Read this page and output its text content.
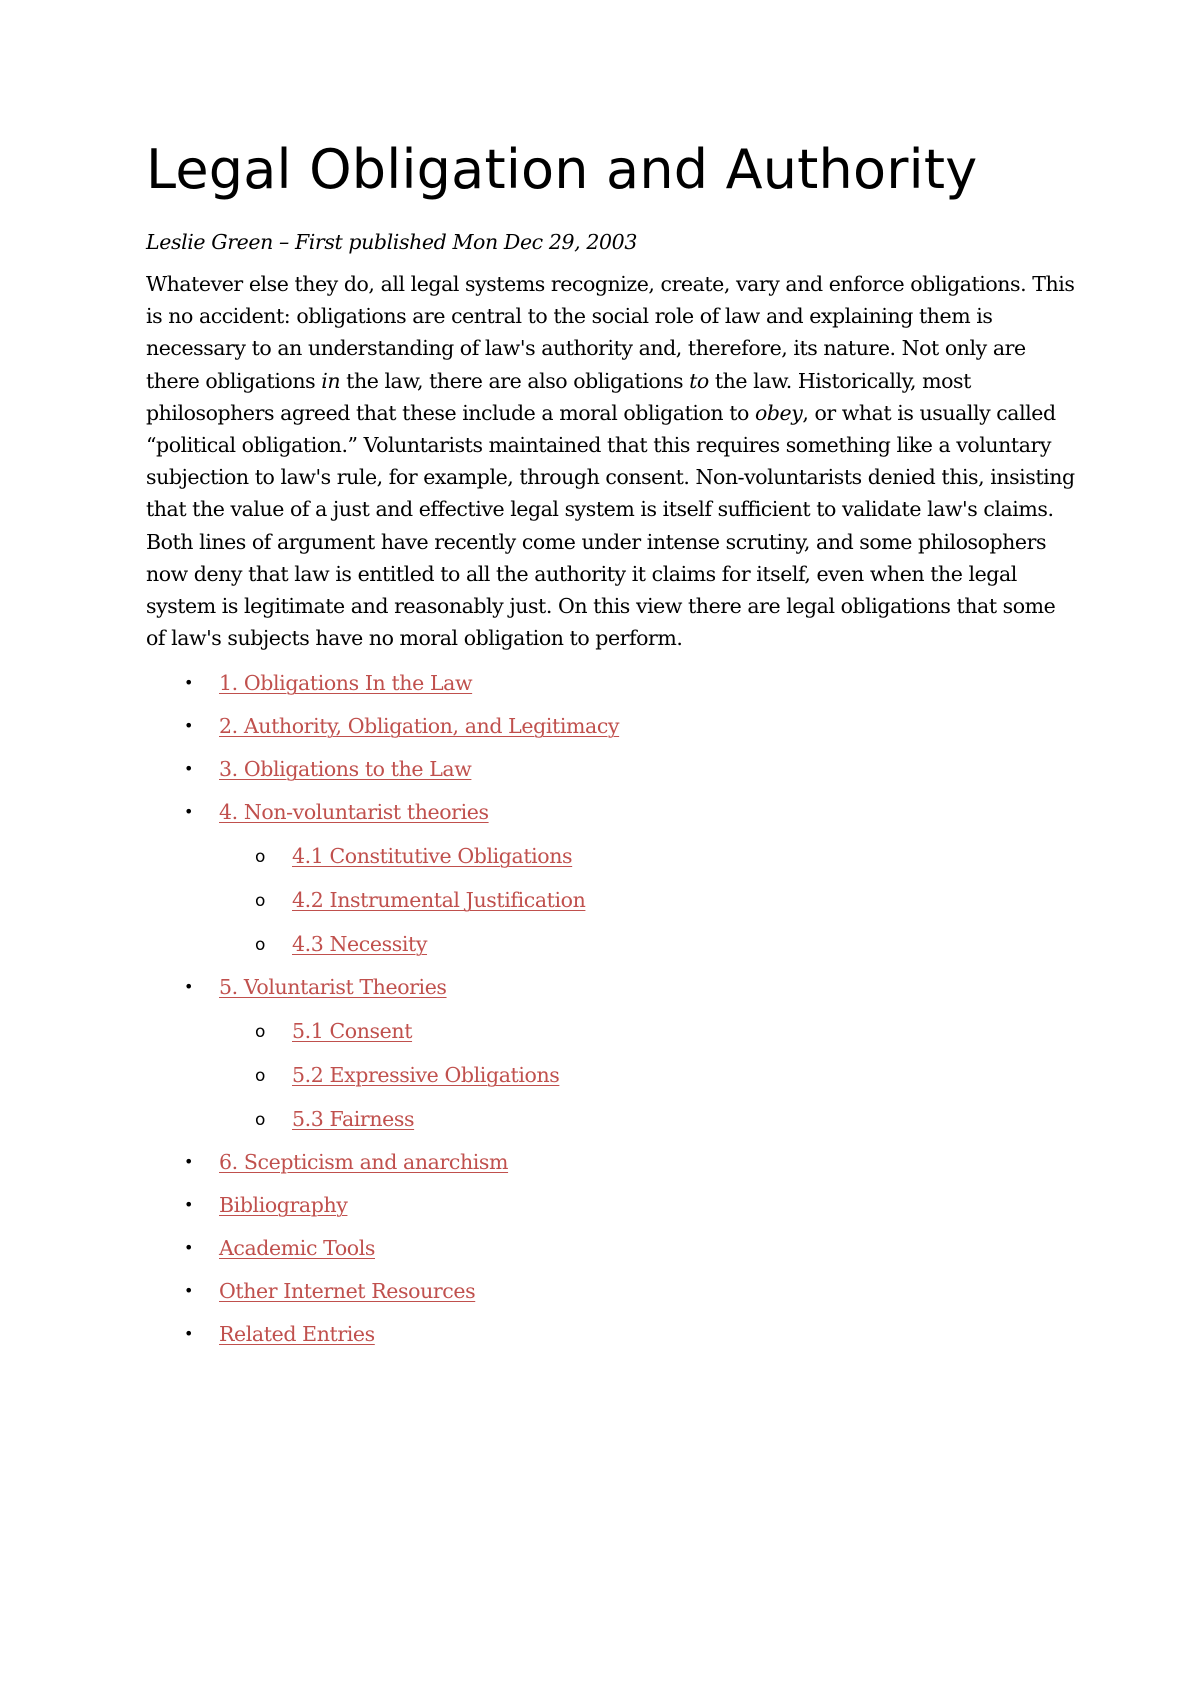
Legal Obligation and Authority

Leslie Green – First published Mon Dec 29, 2003

Whatever else they do, all legal systems recognize, create, vary and enforce obligations. This is no accident: obligations are central to the social role of law and explaining them is necessary to an understanding of law's authority and, therefore, its nature. Not only are there obligations in the law, there are also obligations to the law. Historically, most philosophers agreed that these include a moral obligation to obey, or what is usually called “political obligation.” Voluntarists maintained that this requires something like a voluntary subjection to law's rule, for example, through consent. Non-voluntarists denied this, insisting that the value of a just and effective legal system is itself sufficient to validate law's claims. Both lines of argument have recently come under intense scrutiny, and some philosophers now deny that law is entitled to all the authority it claims for itself, even when the legal system is legitimate and reasonably just. On this view there are legal obligations that some of law's subjects have no moral obligation to perform.

• 1. Obligations In the Law
• 2. Authority, Obligation, and Legitimacy
• 3. Obligations to the Law
• 4. Non-voluntarist theories
o 4.1 Constitutive Obligations
o 4.2 Instrumental Justification
o 4.3 Necessity
• 5. Voluntarist Theories
o 5.1 Consent
o 5.2 Expressive Obligations
o 5.3 Fairness
• 6. Scepticism and anarchism
• Bibliography
• Academic Tools
• Other Internet Resources
• Related Entries
